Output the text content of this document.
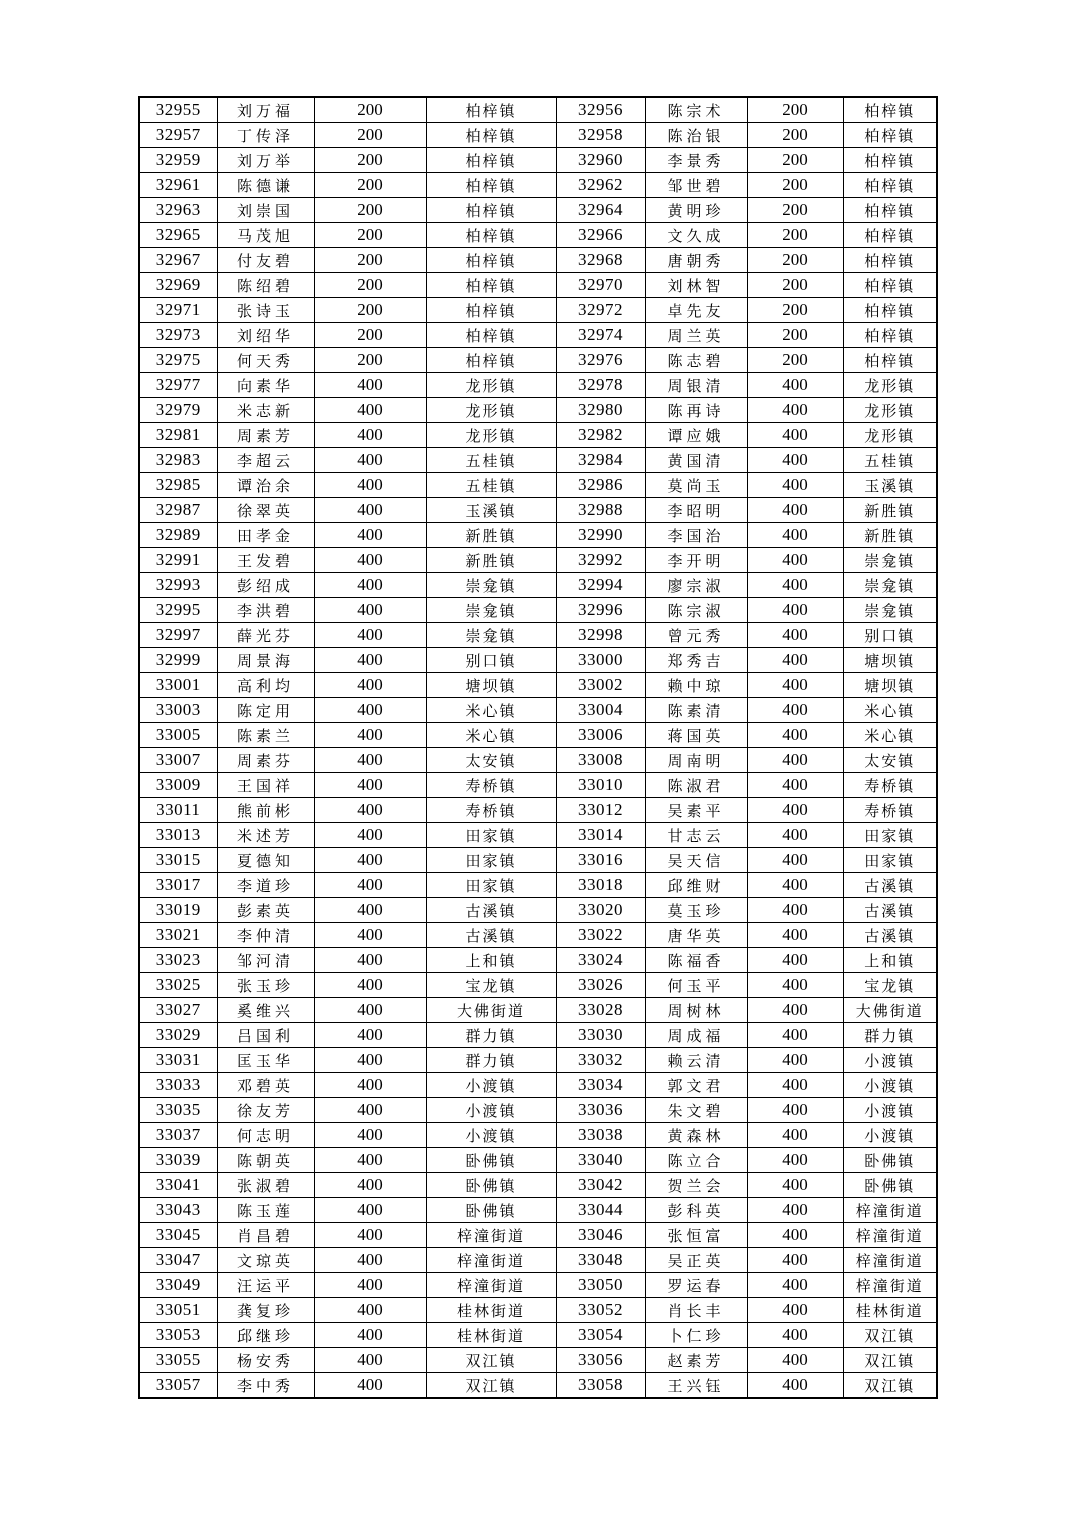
32955	刘万福	200	柏梓镇	32956	陈宗术	200	柏梓镇
32957	丁传泽	200	柏梓镇	32958	陈治银	200	柏梓镇
32959	刘万举	200	柏梓镇	32960	李景秀	200	柏梓镇
32961	陈德谦	200	柏梓镇	32962	邹世碧	200	柏梓镇
32963	刘崇国	200	柏梓镇	32964	黄明珍	200	柏梓镇
32965	马茂旭	200	柏梓镇	32966	文久成	200	柏梓镇
32967	付友碧	200	柏梓镇	32968	唐朝秀	200	柏梓镇
32969	陈绍碧	200	柏梓镇	32970	刘林智	200	柏梓镇
32971	张诗玉	200	柏梓镇	32972	卓先友	200	柏梓镇
32973	刘绍华	200	柏梓镇	32974	周兰英	200	柏梓镇
32975	何天秀	200	柏梓镇	32976	陈志碧	200	柏梓镇
32977	向素华	400	龙形镇	32978	周银清	400	龙形镇
32979	米志新	400	龙形镇	32980	陈再诗	400	龙形镇
32981	周素芳	400	龙形镇	32982	谭应娥	400	龙形镇
32983	李超云	400	五桂镇	32984	黄国清	400	五桂镇
32985	谭治余	400	五桂镇	32986	莫尚玉	400	玉溪镇
32987	徐翠英	400	玉溪镇	32988	李昭明	400	新胜镇
32989	田孝金	400	新胜镇	32990	李国治	400	新胜镇
32991	王发碧	400	新胜镇	32992	李开明	400	崇龛镇
32993	彭绍成	400	崇龛镇	32994	廖宗淑	400	崇龛镇
32995	李洪碧	400	崇龛镇	32996	陈宗淑	400	崇龛镇
32997	薛光芬	400	崇龛镇	32998	曾元秀	400	别口镇
32999	周景海	400	别口镇	33000	郑秀吉	400	塘坝镇
33001	高利均	400	塘坝镇	33002	赖中琼	400	塘坝镇
33003	陈定用	400	米心镇	33004	陈素清	400	米心镇
33005	陈素兰	400	米心镇	33006	蒋国英	400	米心镇
33007	周素芬	400	太安镇	33008	周南明	400	太安镇
33009	王国祥	400	寿桥镇	33010	陈淑君	400	寿桥镇
33011	熊前彬	400	寿桥镇	33012	吴素平	400	寿桥镇
33013	米述芳	400	田家镇	33014	甘志云	400	田家镇
33015	夏德知	400	田家镇	33016	吴天信	400	田家镇
33017	李道珍	400	田家镇	33018	邱维财	400	古溪镇
33019	彭素英	400	古溪镇	33020	莫玉珍	400	古溪镇
33021	李仲清	400	古溪镇	33022	唐华英	400	古溪镇
33023	邹河清	400	上和镇	33024	陈福香	400	上和镇
33025	张玉珍	400	宝龙镇	33026	何玉平	400	宝龙镇
33027	奚维兴	400	大佛街道	33028	周树林	400	大佛街道
33029	吕国利	400	群力镇	33030	周成福	400	群力镇
33031	匡玉华	400	群力镇	33032	赖云清	400	小渡镇
33033	邓碧英	400	小渡镇	33034	郭文君	400	小渡镇
33035	徐友芳	400	小渡镇	33036	朱文碧	400	小渡镇
33037	何志明	400	小渡镇	33038	黄森林	400	小渡镇
33039	陈朝英	400	卧佛镇	33040	陈立合	400	卧佛镇
33041	张淑碧	400	卧佛镇	33042	贺兰会	400	卧佛镇
33043	陈玉莲	400	卧佛镇	33044	彭科英	400	梓潼街道
33045	肖昌碧	400	梓潼街道	33046	张恒富	400	梓潼街道
33047	文琼英	400	梓潼街道	33048	吴正英	400	梓潼街道
33049	汪运平	400	梓潼街道	33050	罗运春	400	梓潼街道
33051	龚复珍	400	桂林街道	33052	肖长丰	400	桂林街道
33053	邱继珍	400	桂林街道	33054	卜仁珍	400	双江镇
33055	杨安秀	400	双江镇	33056	赵素芳	400	双江镇
33057	李中秀	400	双江镇	33058	王兴钰	400	双江镇
